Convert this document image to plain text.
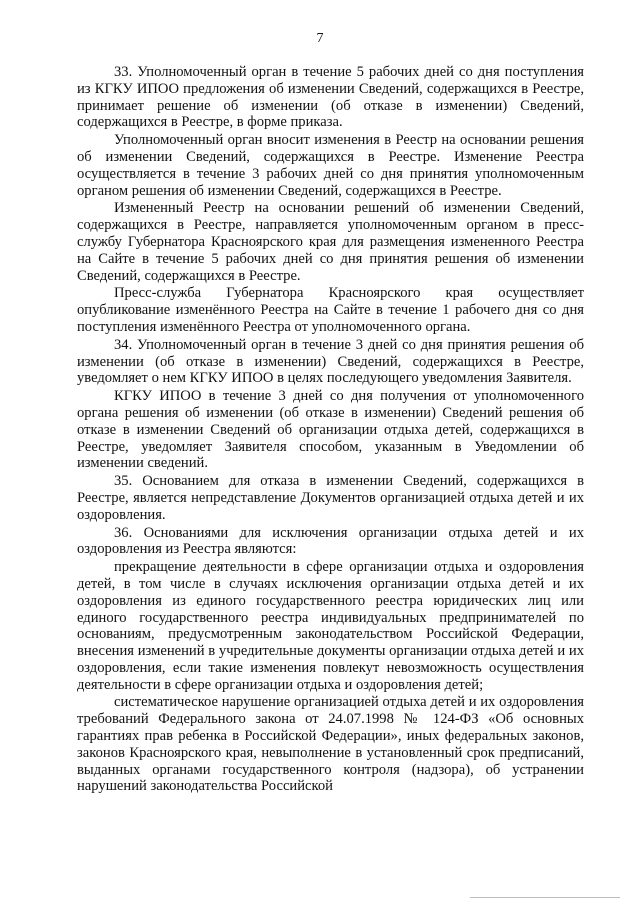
7

33. Уполномоченный орган в течение 5 рабочих дней со дня поступления из КГКУ ИПОО предложения об изменении Сведений, содержащихся в Реестре, принимает решение об изменении (об отказе в изменении) Сведений, содержащихся в Реестре, в форме приказа.

Уполномоченный орган вносит изменения в Реестр на основании решения об изменении Сведений, содержащихся в Реестре. Изменение Реестра осуществляется в течение 3 рабочих дней со дня принятия уполномоченным органом решения об изменении Сведений, содержащихся в Реестре.

Измененный Реестр на основании решений об изменении Сведений, содержащихся в Реестре, направляется уполномоченным органом в пресс-службу Губернатора Красноярского края для размещения измененного Реестра на Сайте в течение 5 рабочих дней со дня принятия решения об изменении Сведений, содержащихся в Реестре.

Пресс-служба Губернатора Красноярского края осуществляет опубликование изменённого Реестра на Сайте в течение 1 рабочего дня со дня поступления изменённого Реестра от уполномоченного органа.

34. Уполномоченный орган в течение 3 дней со дня принятия решения об изменении (об отказе в изменении) Сведений, содержащихся в Реестре, уведомляет о нем КГКУ ИПОО в целях последующего уведомления Заявителя.

КГКУ ИПОО в течение 3 дней со дня получения от уполномоченного органа решения об изменении (об отказе в изменении) Сведений решения об отказе в изменении Сведений об организации отдыха детей, содержащихся в Реестре, уведомляет Заявителя способом, указанным в Уведомлении об изменении сведений.

35. Основанием для отказа в изменении Сведений, содержащихся в Реестре, является непредставление Документов организацией отдыха детей и их оздоровления.

36. Основаниями для исключения организации отдыха детей и их оздоровления из Реестра являются:

прекращение деятельности в сфере организации отдыха и оздоровления детей, в том числе в случаях исключения организации отдыха детей и их оздоровления из единого государственного реестра юридических лиц или единого государственного реестра индивидуальных предпринимателей по основаниям, предусмотренным законодательством Российской Федерации, внесения изменений в учредительные документы организации отдыха детей и их оздоровления, если такие изменения повлекут невозможность осуществления деятельности в сфере организации отдыха и оздоровления детей;

систематическое нарушение организацией отдыха детей и их оздоровления требований Федерального закона от 24.07.1998 № 124-ФЗ «Об основных гарантиях прав ребенка в Российской Федерации», иных федеральных законов, законов Красноярского края, невыполнение в установленный срок предписаний, выданных органами государственного контроля (надзора), об устранении нарушений законодательства Российской
